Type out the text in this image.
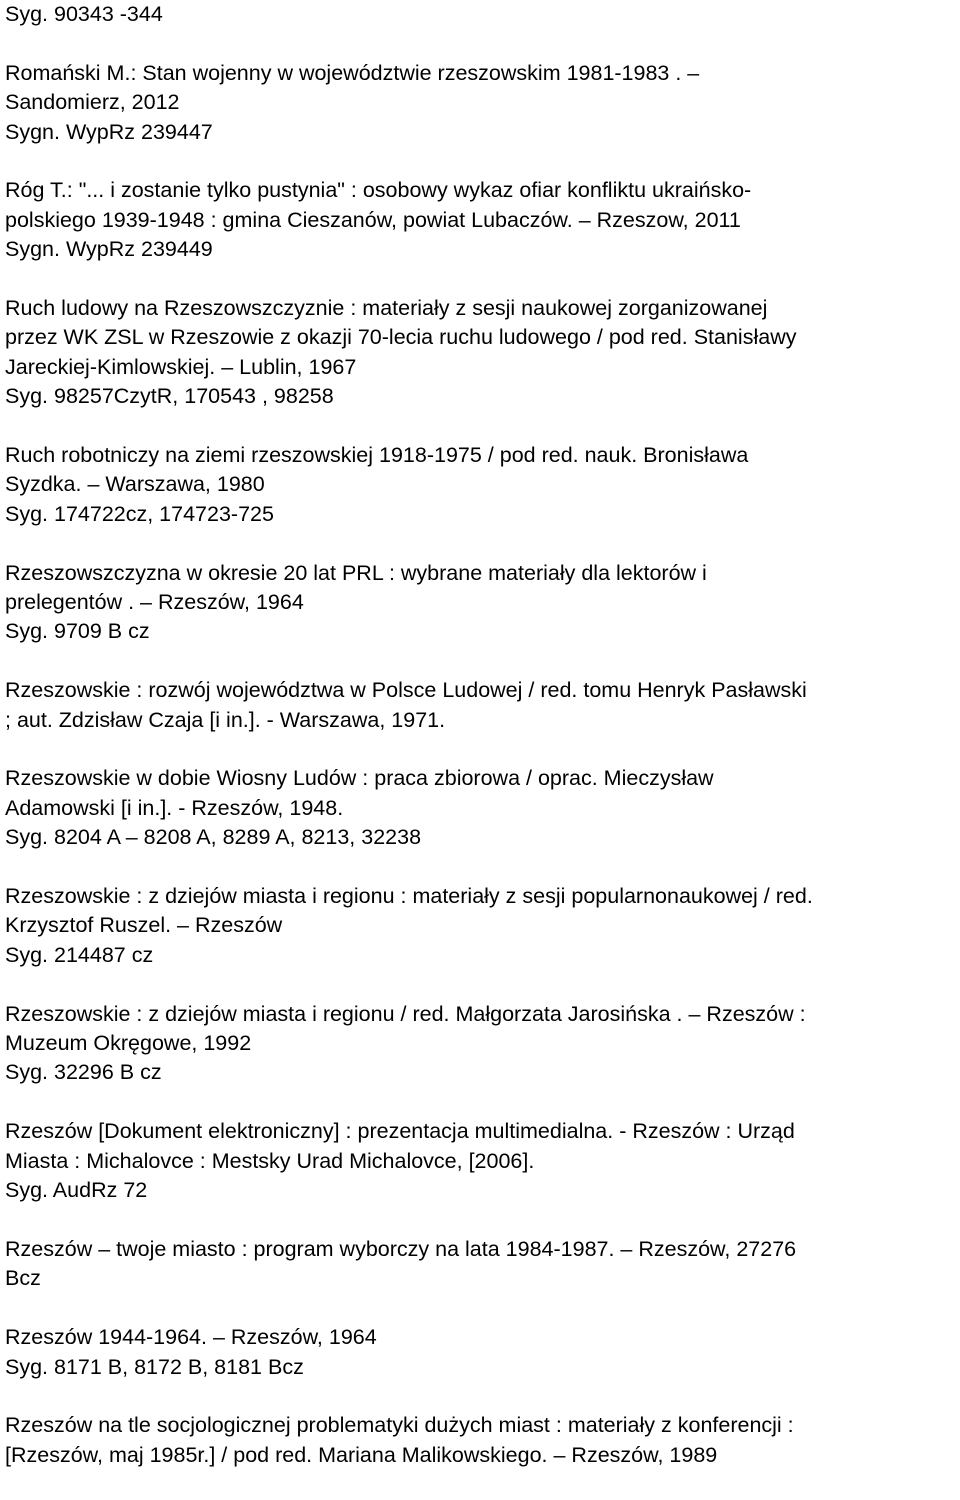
Syg. 90343 -344
Romański M.: Stan wojenny w województwie rzeszowskim 1981-1983 . –
Sandomierz, 2012
Sygn. WypRz 239447
Róg T.: "... i zostanie tylko pustynia" : osobowy wykaz ofiar konfliktu ukraińsko-
polskiego 1939-1948 : gmina Cieszanów, powiat Lubaczów. – Rzeszow, 2011
Sygn. WypRz 239449
Ruch ludowy na Rzeszowszczyznie : materiały z sesji naukowej zorganizowanej
przez WK ZSL w Rzeszowie z okazji 70-lecia ruchu ludowego / pod red. Stanisławy
Jareckiej-Kimlowskiej. – Lublin, 1967
Syg. 98257CzytR, 170543 , 98258
Ruch robotniczy na ziemi rzeszowskiej 1918-1975 / pod red. nauk. Bronisława
Syzdka. – Warszawa, 1980
Syg. 174722cz, 174723-725
Rzeszowszczyzna w okresie 20 lat PRL : wybrane materiały dla lektorów i
prelegentów . – Rzeszów, 1964
Syg. 9709 B cz
Rzeszowskie : rozwój województwa w Polsce Ludowej / red. tomu Henryk Pasławski
; aut. Zdzisław Czaja [i in.]. - Warszawa, 1971.
Rzeszowskie w dobie Wiosny Ludów : praca zbiorowa / oprac. Mieczysław
Adamowski [i in.]. - Rzeszów, 1948.
Syg. 8204 A – 8208 A, 8289 A, 8213, 32238
Rzeszowskie : z dziejów miasta i regionu : materiały z sesji popularnonaukowej / red.
Krzysztof Ruszel. – Rzeszów
Syg. 214487 cz
Rzeszowskie : z dziejów miasta i regionu / red. Małgorzata Jarosińska . – Rzeszów :
Muzeum Okręgowe, 1992
Syg. 32296 B cz
Rzeszów [Dokument elektroniczny] : prezentacja multimedialna. - Rzeszów : Urząd
Miasta : Michalovce : Mestsky Urad Michalovce, [2006].
Syg. AudRz 72
Rzeszów – twoje miasto : program wyborczy na lata 1984-1987. – Rzeszów, 27276
Bcz
Rzeszów 1944-1964. – Rzeszów, 1964
Syg. 8171 B, 8172 B, 8181 Bcz
Rzeszów na tle socjologicznej problematyki dużych miast : materiały z konferencji :
[Rzeszów, maj 1985r.] / pod red. Mariana Malikowskiego. – Rzeszów, 1989
